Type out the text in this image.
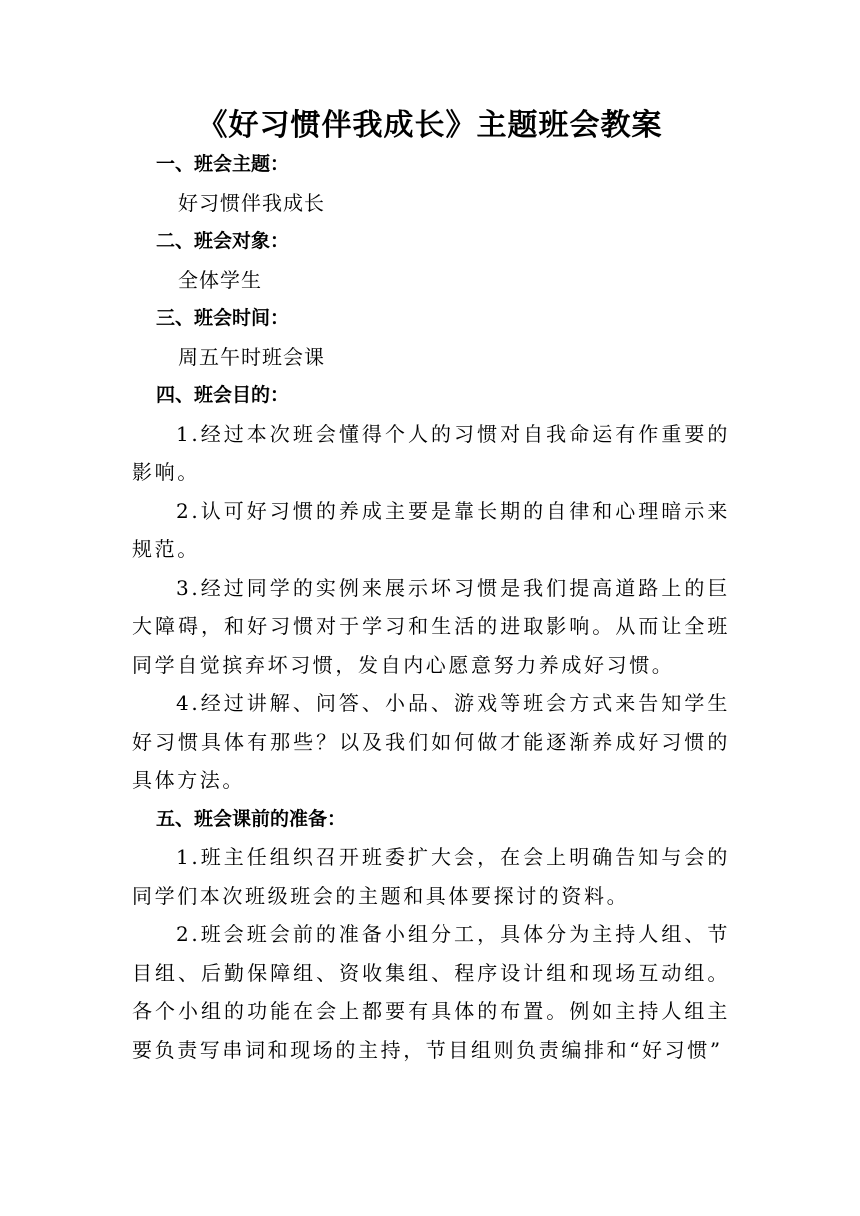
《好习惯伴我成长》主题班会教案

一、班会主题：

好习惯伴我成长

二、班会对象：

全体学生

三、班会时间：

周五午时班会课

四、班会目的：

1.经过本次班会懂得个人的习惯对自我命运有作重要的影响。

2.认可好习惯的养成主要是靠长期的自律和心理暗示来规范。

3.经过同学的实例来展示坏习惯是我们提高道路上的巨大障碍，和好习惯对于学习和生活的进取影响。从而让全班同学自觉摈弃坏习惯，发自内心愿意努力养成好习惯。

4.经过讲解、问答、小品、游戏等班会方式来告知学生好习惯具体有那些？以及我们如何做才能逐渐养成好习惯的具体方法。

五、班会课前的准备：

1.班主任组织召开班委扩大会，在会上明确告知与会的同学们本次班级班会的主题和具体要探讨的资料。

2.班会班会前的准备小组分工，具体分为主持人组、节目组、后勤保障组、资收集组、程序设计组和现场互动组。各个小组的功能在会上都要有具体的布置。例如主持人组主要负责写串词和现场的主持，节目组则负责编排和“好习惯”
